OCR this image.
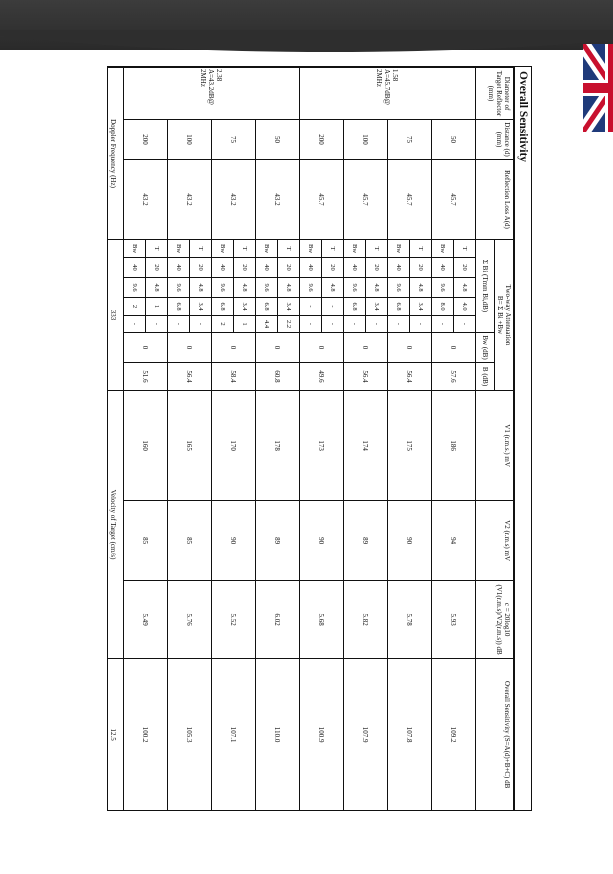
Overall Sensitivity
Diameter of Target Reflector (mm)	Distance (d) (mm)	Reflection Loss A(d)	Two-way Attenuation
B= Σ Bi +Bw							V1 (r.m.s.) mV	V2 (r.m.s) mV	c = 20log10 (V1(r.m.s)/V2(r.m.s)) dB	Overall Sensitivity (S=A(d)+B+C) dB
			Σ Bi (Tmm Bi,dB)					Bw (dB)	B (dB)				
1.58
A=45.7dB@
2MHz	50	45.7	T	20	4.8	4.0	-	0	57.6	186	94	5.93	109.2
			Bw	40	9.6	8.0	-						
	75	45.7	T	20	4.8	3.4	-	0	56.4	175	90	5.78	107.8
			Bw	40	9.6	6.8	-						
	100	45.7	T	20	4.8	3.4	-	0	56.4	174	89	5.82	107.9
			Bw	40	9.6	6.8	-						
	200	45.7	T	20	4.8	-	-	0	49.6	173	90	5.68	100.9
			Bw	40	9.6	-	-						
2.38
A=43.2dB@
2MHz	50	43.2	T	20	4.8	3.4	2.2	0	60.8	178	89	6.02	110.0
			Bw	40	9.6	6.8	4.4						
	75	43.2	T	20	4.8	3.4	1	0	58.4	170	90	5.52	107.1
			Bw	40	9.6	6.8	2						
	100	43.2	T	20	4.8	3.4	-	0	56.4	165	85	5.76	105.3
			Bw	40	9.6	6.8	-						
	200	43.2	T	20	4.8	1	-	0	51.6	160	85	5.49	100.2
			Bw	40	9.6	2	-						
Doppler Frequency (Hz)			333							Velocity of Target (cm/s)			12.5
